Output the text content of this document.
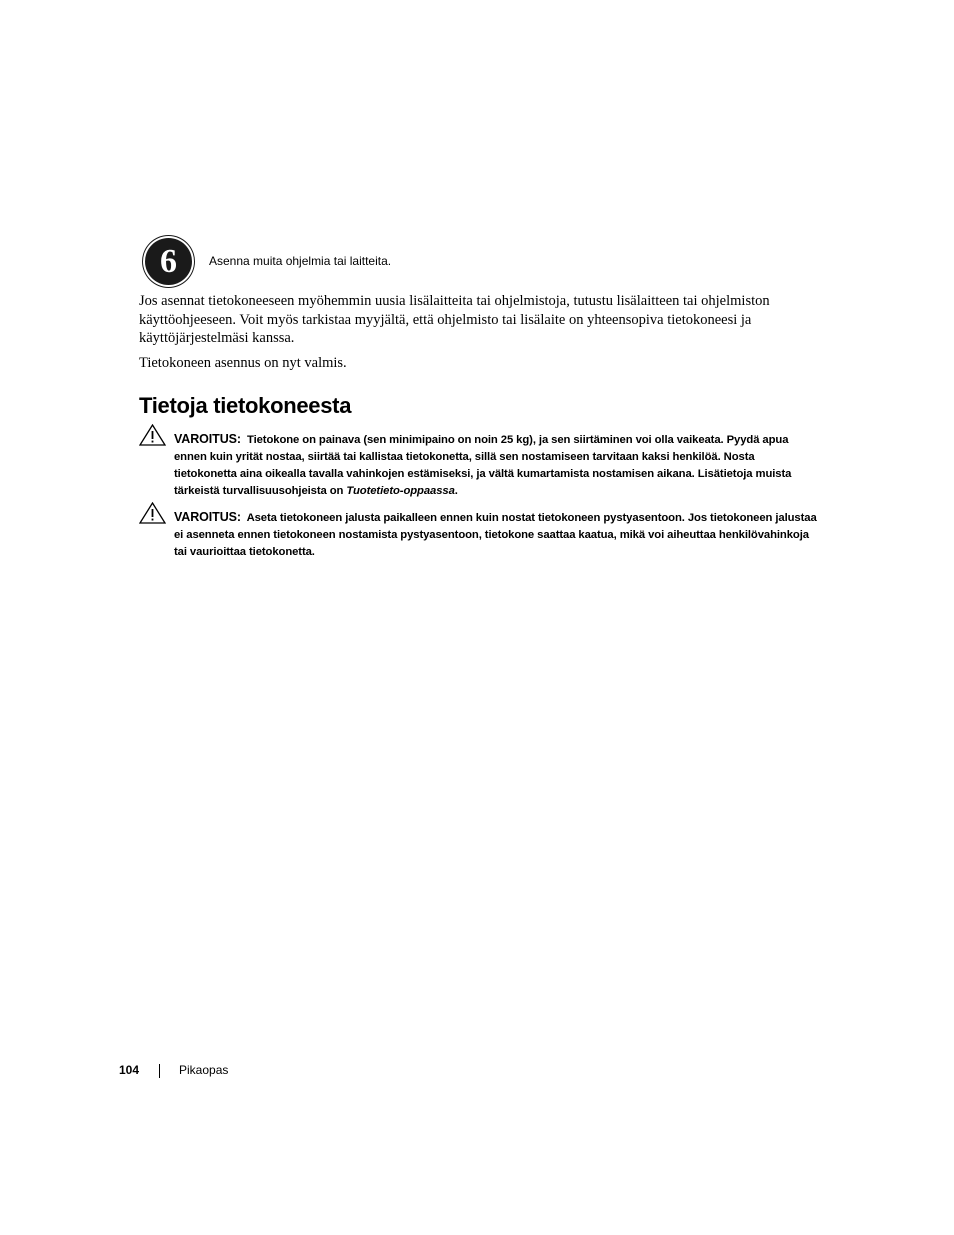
6	Asenna muita ohjelmia tai laitteita.

Jos asennat tietokoneeseen myöhemmin uusia lisälaitteita tai ohjelmistoja, tutustu lisälaitteen tai ohjelmiston käyttöohjeeseen. Voit myös tarkistaa myyjältä, että ohjelmisto tai lisälaite on yhteensopiva tietokoneesi ja käyttöjärjestelmäsi kanssa.

Tietokoneen asennus on nyt valmis.

Tietoja tietokoneesta

VAROITUS: Tietokone on painava (sen minimipaino on noin 25 kg), ja sen siirtäminen voi olla vaikeata. Pyydä apua ennen kuin yrität nostaa, siirtää tai kallistaa tietokonetta, sillä sen nostamiseen tarvitaan kaksi henkilöä. Nosta tietokonetta aina oikealla tavalla vahinkojen estämiseksi, ja vältä kumartamista nostamisen aikana. Lisätietoja muista tärkeistä turvallisuusohjeista on Tuotetieto-oppaassa.

VAROITUS: Aseta tietokoneen jalusta paikalleen ennen kuin nostat tietokoneen pystyasentoon. Jos tietokoneen jalustaa ei asenneta ennen tietokoneen nostamista pystyasentoon, tietokone saattaa kaatua, mikä voi aiheuttaa henkilövahinkoja tai vaurioittaa tietokonetta.

104	Pikaopas
